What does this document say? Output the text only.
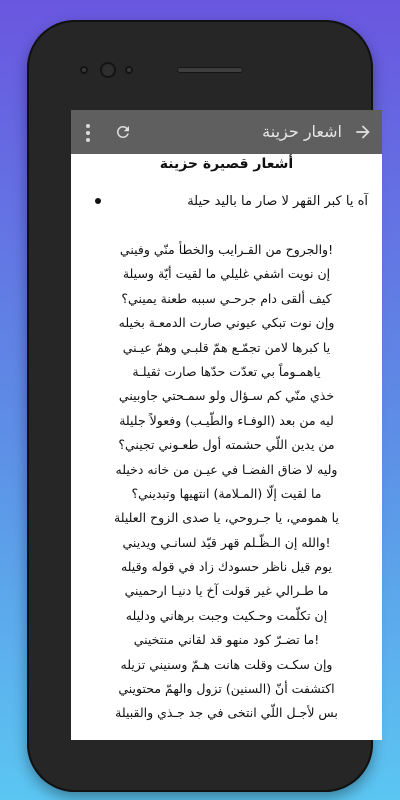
اشعار حزينة
أشعار قصيرة حزينة
آه يا كبر القهر لا صار ما باليد حيلة
!والجروح من القـرايب والخطأ منّي وفيني
إن نويت اشفي غليلي ما لقيت أيّة وسيلة
كيف ألقى دام جرحـي سببه طعنة يميني؟
وإن نوت تبكي عيوني صارت الدمعـة بخيله
يا كبرها لامن تجمّـع همّ قلبـي وهمّ عيـني
ياهمـوماً بي تعدّت حدّها صارت ثقيلـة
خذي منّي كم سـؤال ولو سمـحتي جاوبيني
ليه من بعد (الوفـاء والطّيـب) وفعولاً جليلة
من يدين اللّي حشمته أول طعـوني تجيني؟
وليه لا ضاق الفضـا في عيـن من خانه دخيله
ما لقيت إلّا (المـلامة) انتهيها وتبديني؟
يا همومي، يا جـروحي، يا صدى الزوح العليلة
!والله إن الـظّـلم قهر قيّد لسانـي ويديني
يوم قيل ناظر حسودك زاد في قوله وقيله
ما طـرالي غير قولت آخ يا دنيـا ارحميني
إن تكلّمت وحـكيت وجبت برهاني ودليله
!ما تضـرّ كود منهو قد لقاني منتخيني
وإن سكـت وقلت هانت هـمّ وسنيني تزيله
اكتشفت أنّ (السنين) تزول والهمّ محتويني
بس لأجـل اللّي انتخى في جد جـذي والقبيلة
